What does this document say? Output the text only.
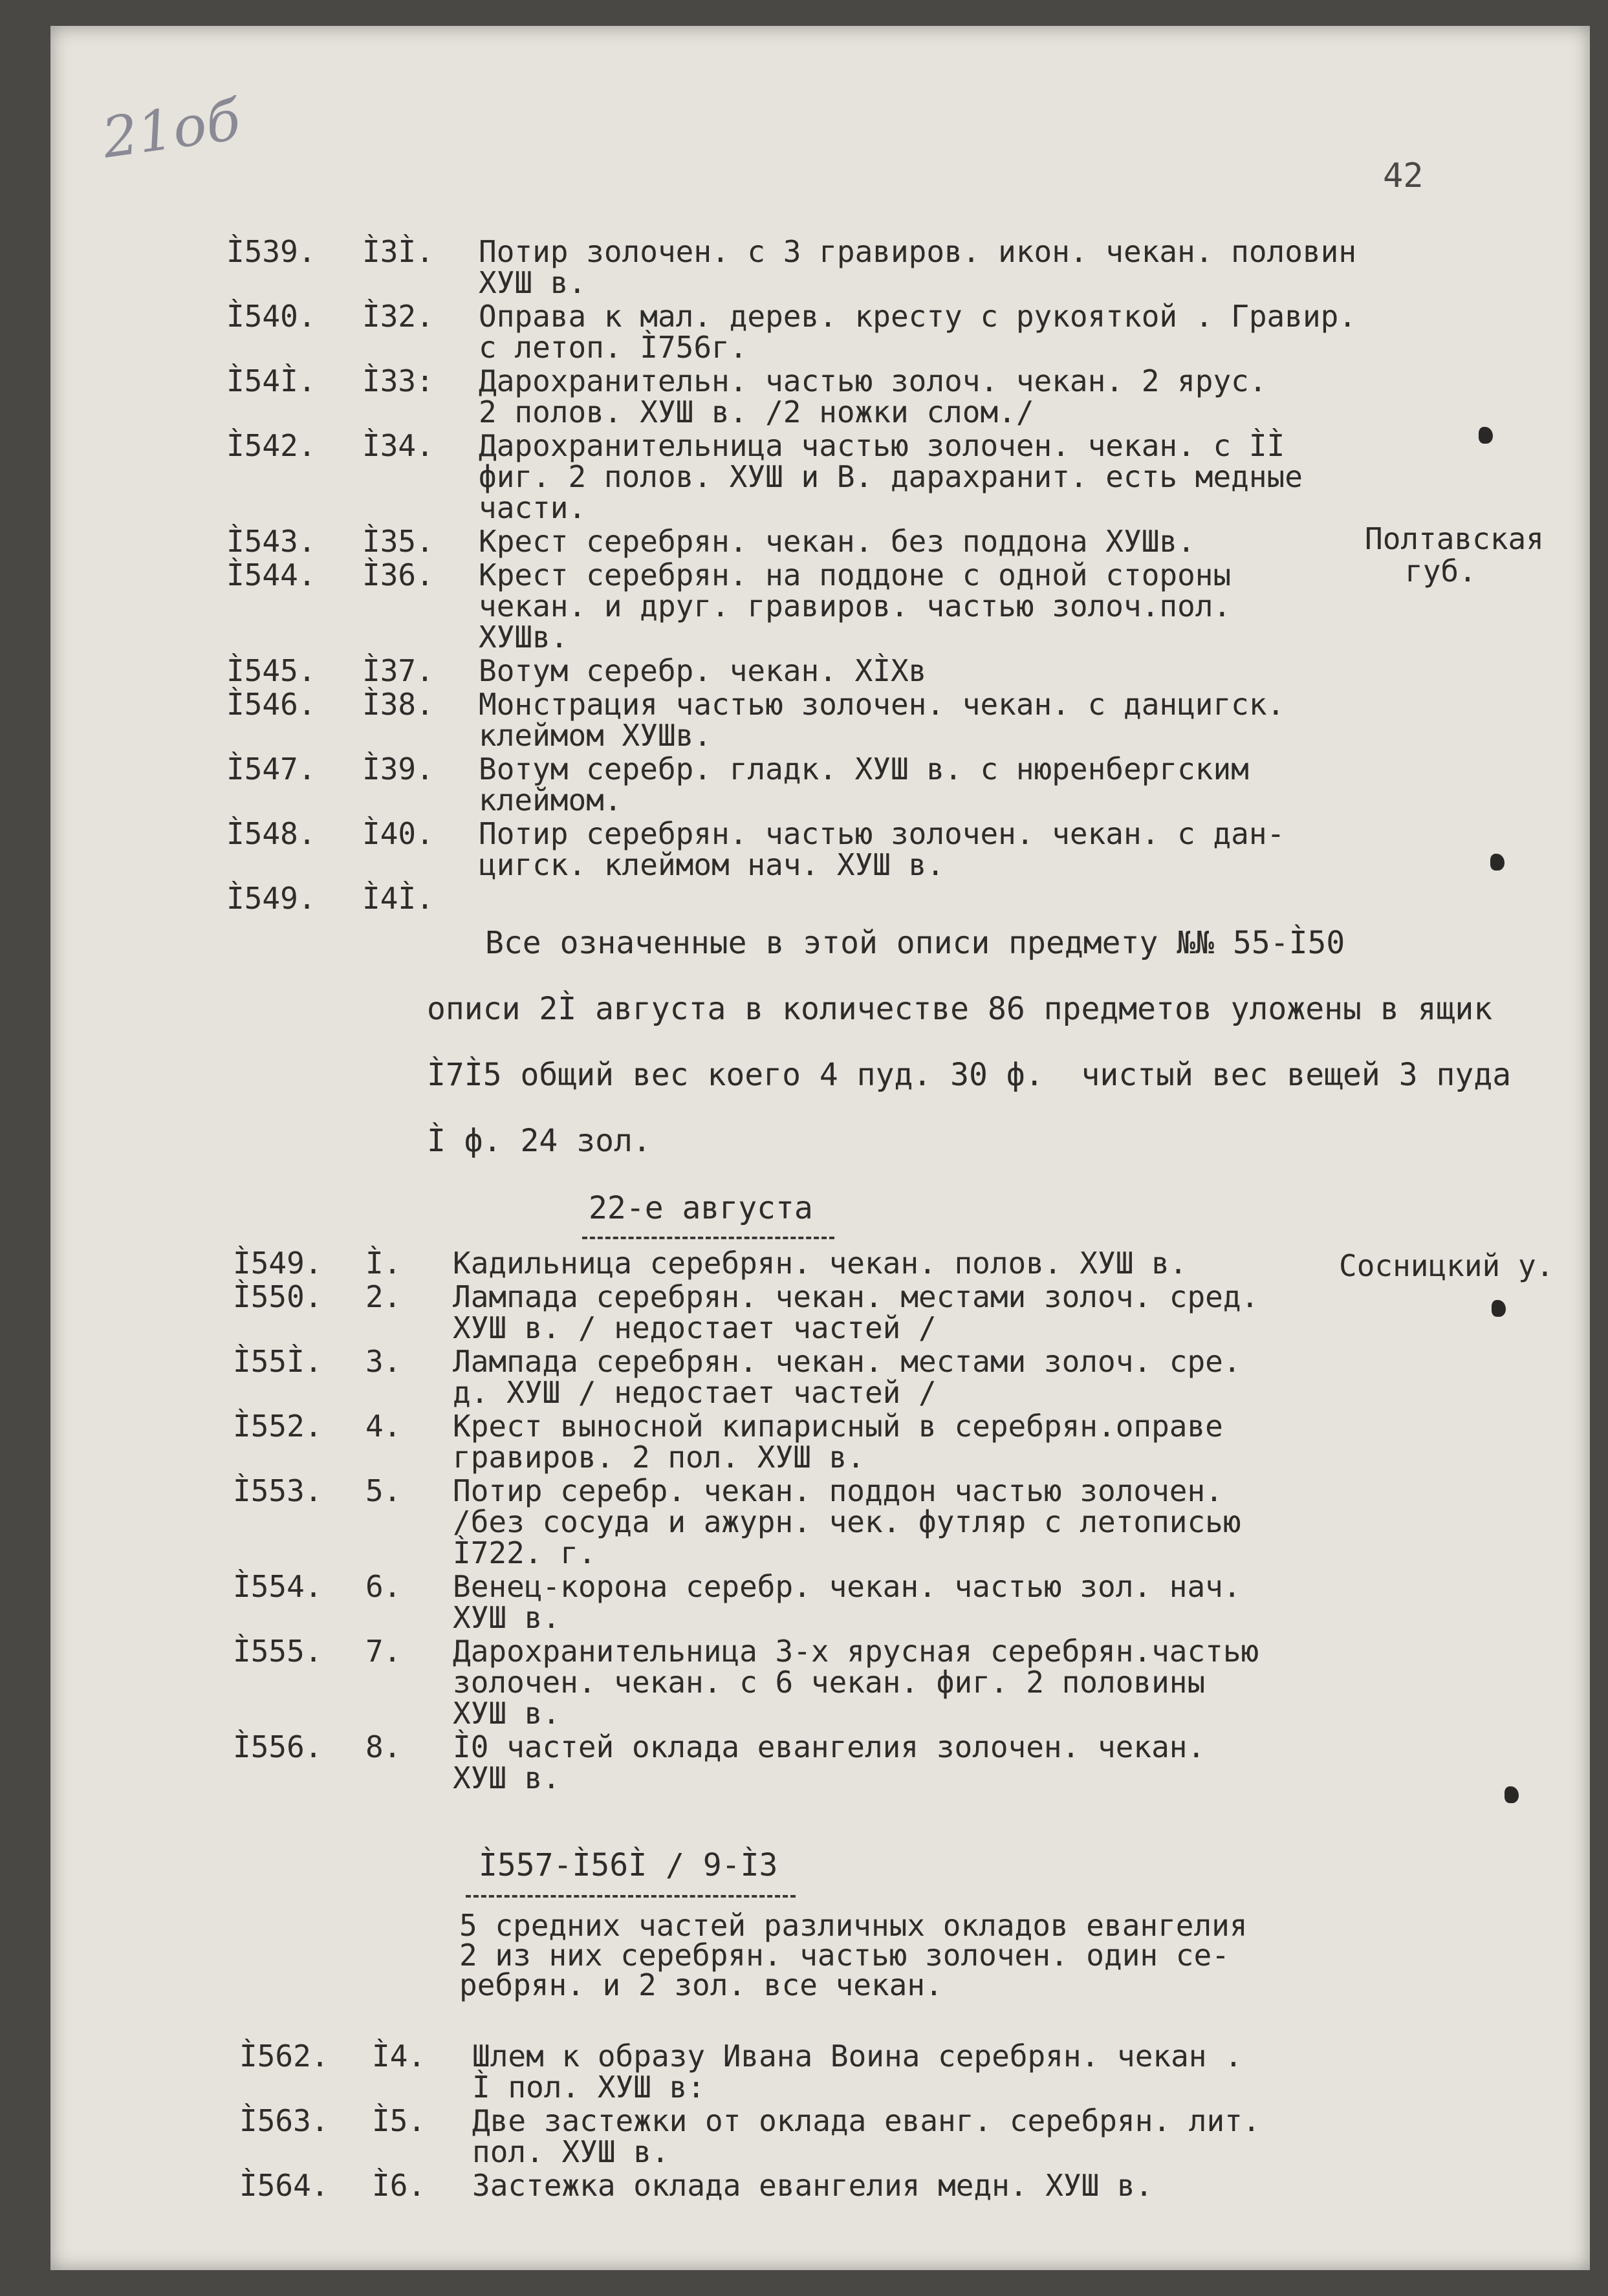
21об
42
Ì539.	Ì3Ì.	Потир золочен. с 3 гравиров. икон. чекан. половин
ХУШ в.
Ì540.	Ì32.	Оправа к мал. дерев. кресту с рукояткой . Гравир.
с летоп. Ì756г.
Ì54Ì.	Ì33:	Дарохранительн. частью золоч. чекан. 2 ярус.
2 полов. ХУШ в. /2 ножки слом./
Ì542.	Ì34.	Дарохранительница частью золочен. чекан. с ÌÌ
фиг. 2 полов. ХУШ и В. дарахранит. есть медные
части.
Ì543.	Ì35.	Крест серебрян. чекан. без поддона ХУШв.
Ì544.	Ì36.	Крест серебрян. на поддоне с одной стороны
чекан. и друг. гравиров. частью золоч.пол.
ХУШв.
Ì545.	Ì37.	Вотум серебр. чекан. ХÌХв
Ì546.	Ì38.	Монстрация частью золочен. чекан. с данцигск.
клеймом ХУШв.
Ì547.	Ì39.	Вотум серебр. гладк. ХУШ в. с нюренбергским
клеймом.
Ì548.	Ì40.	Потир серебрян. частью золочен. чекан. с дан-
цигск. клеймом нач. ХУШ в.
Ì549.	Ì4Ì.
Полтавская
губ.
Все означенные в этой описи предмету №№ 55-Ì50
описи 2Ì августа в количестве 86 предметов уложены в ящик
Ì7Ì5 общий вес коего 4 пуд. 30 ф.  чистый вес вещей 3 пуда
Ì ф. 24 зол.
22-е августа
Сосницкий у.
Ì549.	Ì.	Кадильница серебрян. чекан. полов. ХУШ в.
Ì550.	2.	Лампада серебрян. чекан. местами золоч. сред.
ХУШ в. / недостает частей /
Ì55Ì.	3.	Лампада серебрян. чекан. местами золоч. сре.
д. ХУШ / недостает частей /
Ì552.	4.	Крест выносной кипарисный в серебрян.оправе
гравиров. 2 пол. ХУШ в.
Ì553.	5.	Потир серебр. чекан. поддон частью золочен.
/без сосуда и ажурн. чек. футляр с летописью
Ì722. г.
Ì554.	6.	Венец-корона серебр. чекан. частью зол. нач.
ХУШ в.
Ì555.	7.	Дарохранительница 3-х ярусная серебрян.частью
золочен. чекан. с 6 чекан. фиг. 2 половины
ХУШ в.
Ì556.	8.	Ì0 частей оклада евангелия золочен. чекан.
ХУШ в.
Ì557-Ì56Ì / 9-Ì3

5 средних частей различных окладов евангелия

2 из них серебрян. частью золочен. один се-

ребрян. и 2 зол. все чекан.

Ì562.	Ì4.	Шлем к образу Ивана Воина серебрян. чекан .
Ì пол. ХУШ в:
Ì563.	Ì5.	Две застежки от оклада еванг. серебрян. лит.
пол. ХУШ в.
Ì564.	Ì6.	Застежка оклада евангелия медн. ХУШ в.
